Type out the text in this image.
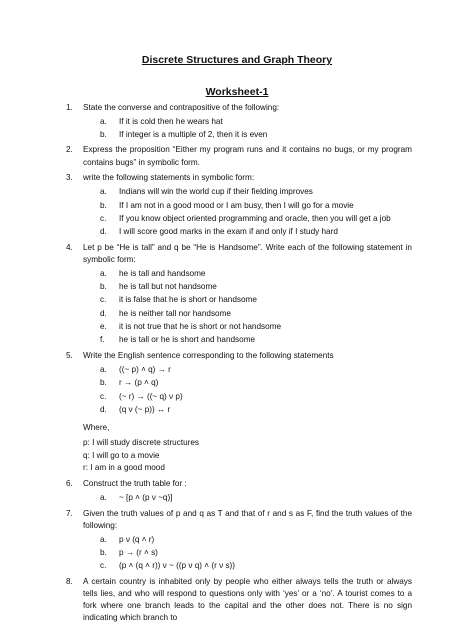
Discrete Structures and Graph Theory
Worksheet-1
1. State the converse and contrapositive of the following:
a. If it is cold then he wears hat
b. If integer is a multiple of 2, then it is even
2. Express the proposition “Either my program runs and it contains no bugs, or my program contains bugs” in symbolic form.
3. write the following statements in symbolic form:
a. Indians will win the world cup if their fielding improves
b. If I am not in a good mood or I am busy, then I will go for a movie
c. If you know object oriented programming and oracle, then you will get a job
d. I will score good marks in the exam if and only if I study hard
4. Let p be “He is tall” and q be “He is Handsome”. Write each of the following statement in symbolic form:
a. he is tall and handsome
b. he is tall but not handsome
c. it is false that he is short or handsome
d. he is neither tall nor handsome
e. it is not true that he is short or not handsome
f. he is tall or he is short and handsome
5. Write the English sentence corresponding to the following statements
a. ((~ p) ˄ q) → r
b. r → (p ˄ q)
c. (~ r) → ((~ q) ν p)
d. (q ν (~ p)) ↔ r
Where,
p: I will study discrete structures
q: I will go to a movie
r: I am in a good mood
6. Construct the truth table for :
a. ~ [p ˄ (p ν ~q)]
7. Given the truth values of p and q as T and that of r and s as F, find the truth values of the following:
a. p ν (q ˄ r)
b. p → (r ˄ s)
c. (p ˄ (q ˄ r)) ν ~ ((p ν q) ˄ (r ν s))
8. A certain country is inhabited only by people who either always tells the truth or always tells lies, and who will respond to questions only with ‘yes’ or a ‘no’. A tourist comes to a fork where one branch leads to the capital and the other does not. There is no sign indicating which branch to
